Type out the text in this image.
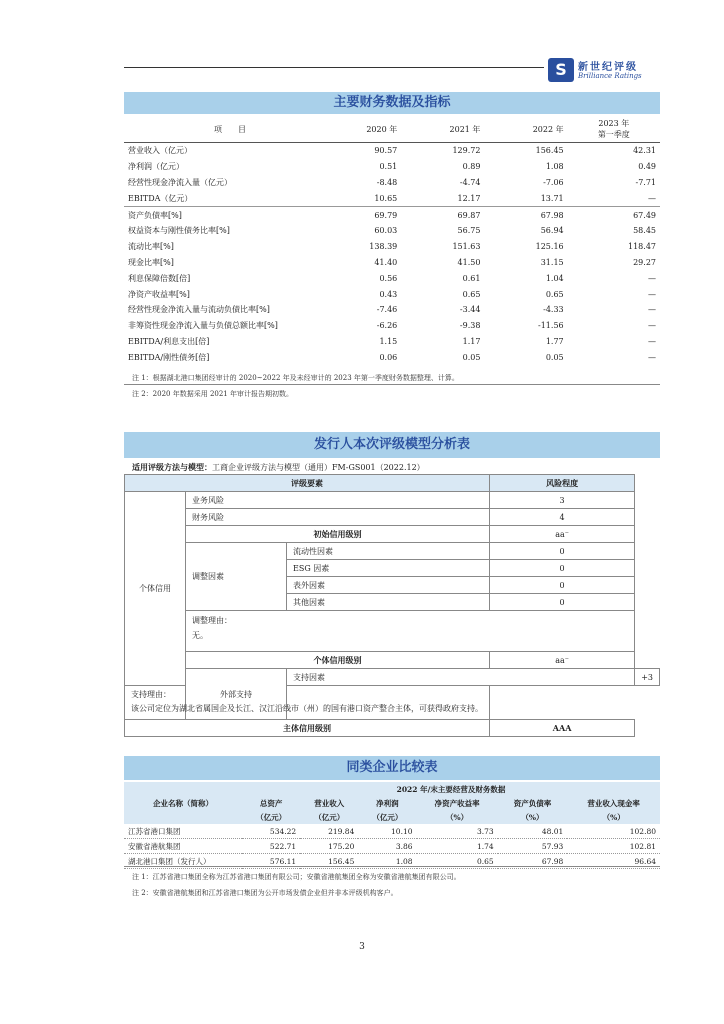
S	新世纪评级
Brilliance Ratings
主要财务数据及指标
项　　目	2020 年	2021 年	2022 年	2023 年
第一季度

营业收入（亿元）	90.57	129.72	156.45	42.31
净利润（亿元）	0.51	0.89	1.08	0.49
经营性现金净流入量（亿元）	-8.48	-4.74	-7.06	-7.71
EBITDA（亿元）	10.65	12.17	13.71	—
资产负债率[%]	69.79	69.87	67.98	67.49
权益资本与刚性债务比率[%]	60.03	56.75	56.94	58.45
流动比率[%]	138.39	151.63	125.16	118.47
现金比率[%]	41.40	41.50	31.15	29.27
利息保障倍数[倍]	0.56	0.61	1.04	—
净资产收益率[%]	0.43	0.65	0.65	—
经营性现金净流入量与流动负债比率[%]	-7.46	-3.44	-4.33	—
非筹资性现金净流入量与负债总额比率[%]	-6.26	-9.38	-11.56	—
EBITDA/利息支出[倍]	1.15	1.17	1.77	—
EBITDA/刚性债务[倍]	0.06	0.05	0.05	—
注 1：根据湖北港口集团经审计的 2020~2022 年及未经审计的 2023 年第一季度财务数据整理、计算。
注 2：2020 年数据采用 2021 年审计报告期初数。
发行人本次评级模型分析表
适用评级方法与模型：工商企业评级方法与模型（通用）FM-GS001（2022.12）
评级要素			风险程度	
个体信用	业务风险		3	
	财务风险		4	
	初始信用级别		aa⁻	
	调整因素	流动性因素	0	
		ESG 因素	0	
		表外因素	0	
		其他因素	0	

	调整理由：
无。			

	个体信用级别		aa⁻	
	外部支持	支持因素		+3

支持理由：
该公司定位为湖北省属国企及长江、汉江沿线市（州）的国有港口资产整合主体，可获得政府支持。				

主体信用级别			AAA	
同类企业比较表
企业名称（简称）	2022 年/末主要经营及财务数据					
	总资产	营业收入	净利润	净资产收益率	资产负债率	营业收入现金率
	（亿元）	（亿元）	（亿元）	（%）	（%）	（%）
江苏省港口集团	534.22	219.84	10.10	3.73	48.01	102.80
安徽省港航集团	522.71	175.20	3.86	1.74	57.93	102.81
湖北港口集团（发行人）	576.11	156.45	1.08	0.65	67.98	96.64
注 1：江苏省港口集团全称为江苏省港口集团有限公司；安徽省港航集团全称为安徽省港航集团有限公司。
注 2：安徽省港航集团和江苏省港口集团为公开市场发债企业但并非本评级机构客户。
3
